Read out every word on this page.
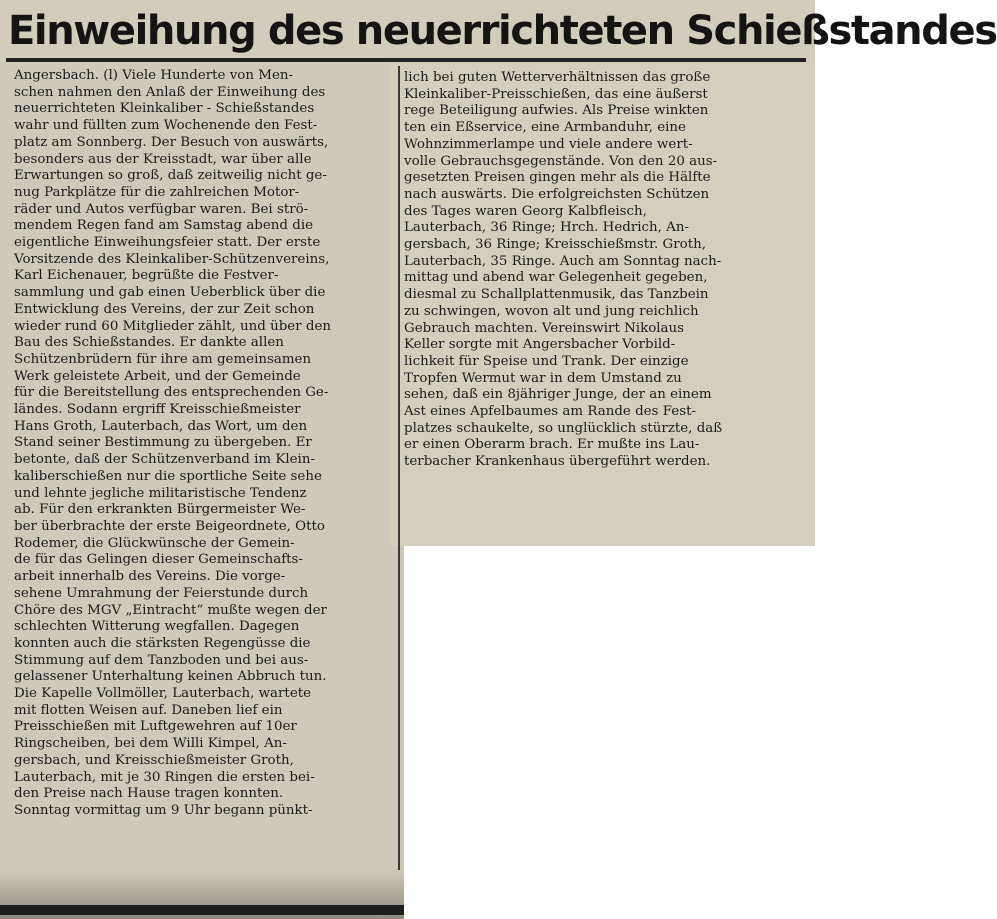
Einweihung des neuerrichteten Schießstandes
Angersbach. (l) Viele Hunderte von Men-
schen nahmen den Anlaß der Einweihung des
neuerrichteten Kleinkaliber - Schießstandes
wahr und füllten zum Wochenende den Fest-
platz am Sonnberg. Der Besuch von auswärts,
besonders aus der Kreisstadt, war über alle
Erwartungen so groß, daß zeitweilig nicht ge-
nug Parkplätze für die zahlreichen Motor-
räder und Autos verfügbar waren. Bei strö-
mendem Regen fand am Samstag abend die
eigentliche Einweihungsfeier statt. Der erste
Vorsitzende des Kleinkaliber-Schützenvereins,
Karl Eichenauer, begrüßte die Festver-
sammlung und gab einen Ueberblick über die
Entwicklung des Vereins, der zur Zeit schon
wieder rund 60 Mitglieder zählt, und über den
Bau des Schießstandes. Er dankte allen
Schützenbrüdern für ihre am gemeinsamen
Werk geleistete Arbeit, und der Gemeinde
für die Bereitstellung des entsprechenden Ge-
ländes. Sodann ergriff Kreisschießmeister
Hans Groth, Lauterbach, das Wort, um den
Stand seiner Bestimmung zu übergeben. Er
betonte, daß der Schützenverband im Klein-
kaliberschießen nur die sportliche Seite sehe
und lehnte jegliche militaristische Tendenz
ab. Für den erkrankten Bürgermeister We-
ber überbrachte der erste Beigeordnete, Otto
Rodemer, die Glückwünsche der Gemein-
de für das Gelingen dieser Gemeinschafts-
arbeit innerhalb des Vereins. Die vorge-
sehene Umrahmung der Feierstunde durch
Chöre des MGV „Eintracht“ mußte wegen der
schlechten Witterung wegfallen. Dagegen
konnten auch die stärksten Regengüsse die
Stimmung auf dem Tanzboden und bei aus-
gelassener Unterhaltung keinen Abbruch tun.
Die Kapelle Vollmöller, Lauterbach, wartete
mit flotten Weisen auf. Daneben lief ein
Preisschießen mit Luftgewehren auf 10er
Ringscheiben, bei dem Willi Kimpel, An-
gersbach, und Kreisschießmeister Groth,
Lauterbach, mit je 30 Ringen die ersten bei-
den Preise nach Hause tragen konnten.
Sonntag vormittag um 9 Uhr begann pünkt-
lich bei guten Wetterverhältnissen das große
Kleinkaliber-Preisschießen, das eine äußerst
rege Beteiligung aufwies. Als Preise winkten
ten ein Eßservice, eine Armbanduhr, eine
Wohnzimmerlampe und viele andere wert-
volle Gebrauchsgegenstände. Von den 20 aus-
gesetzten Preisen gingen mehr als die Hälfte
nach auswärts. Die erfolgreichsten Schützen
des Tages waren Georg Kalbfleisch,
Lauterbach, 36 Ringe; Hrch. Hedrich, An-
gersbach, 36 Ringe; Kreisschießmstr. Groth,
Lauterbach, 35 Ringe. Auch am Sonntag nach-
mittag und abend war Gelegenheit gegeben,
diesmal zu Schallplattenmusik, das Tanzbein
zu schwingen, wovon alt und jung reichlich
Gebrauch machten. Vereinswirt Nikolaus
Keller sorgte mit Angersbacher Vorbild-
lichkeit für Speise und Trank. Der einzige
Tropfen Wermut war in dem Umstand zu
sehen, daß ein 8jähriger Junge, der an einem
Ast eines Apfelbaumes am Rande des Fest-
platzes schaukelte, so unglücklich stürzte, daß
er einen Oberarm brach. Er mußte ins Lau-
terbacher Krankenhaus übergeführt werden.
